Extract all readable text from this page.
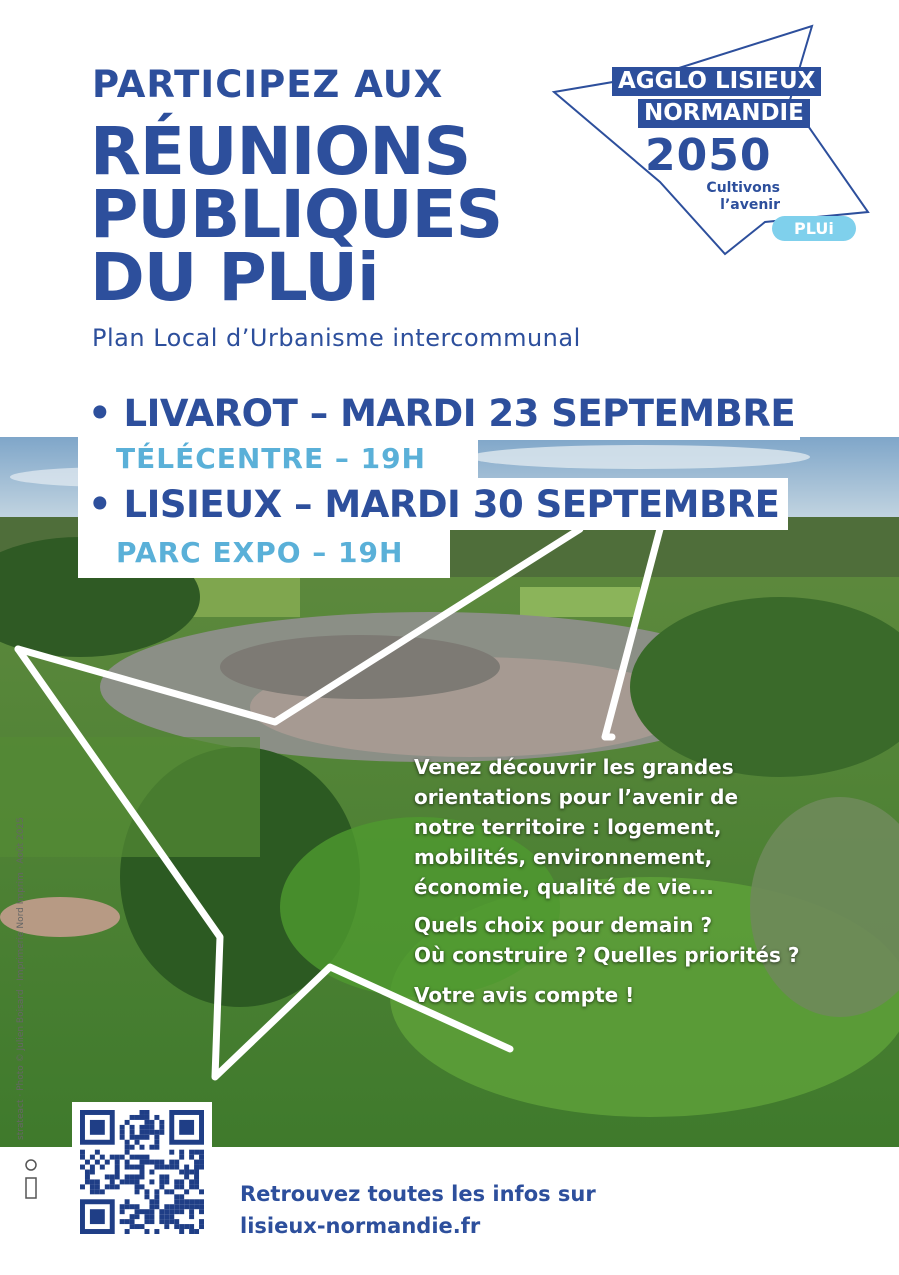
PARTICIPEZ AUX
RÉUNIONS
PUBLIQUES
DU PLUi
Plan Local d’Urbanisme intercommunal
AGGLO LISIEUX
NORMANDIE
2050
Cultivons
l’avenir
PLUi
• LIVAROT – MARDI 23 SEPTEMBRE
TÉLÉCENTRE – 19H
• LISIEUX – MARDI 30 SEPTEMBRE
PARC EXPO – 19H

Venez découvrir les grandes

orientations pour l’avenir de

notre territoire : logement,

mobilités, environnement,

économie, qualité de vie...

Quels choix pour demain ?

Où construire ? Quelles priorités ?

Votre avis compte !

strateact · Photo © Julien Boisard · Imprimerie Nord Imprim · Août 2025
Retrouvez toutes les infos sur
lisieux-normandie.fr
